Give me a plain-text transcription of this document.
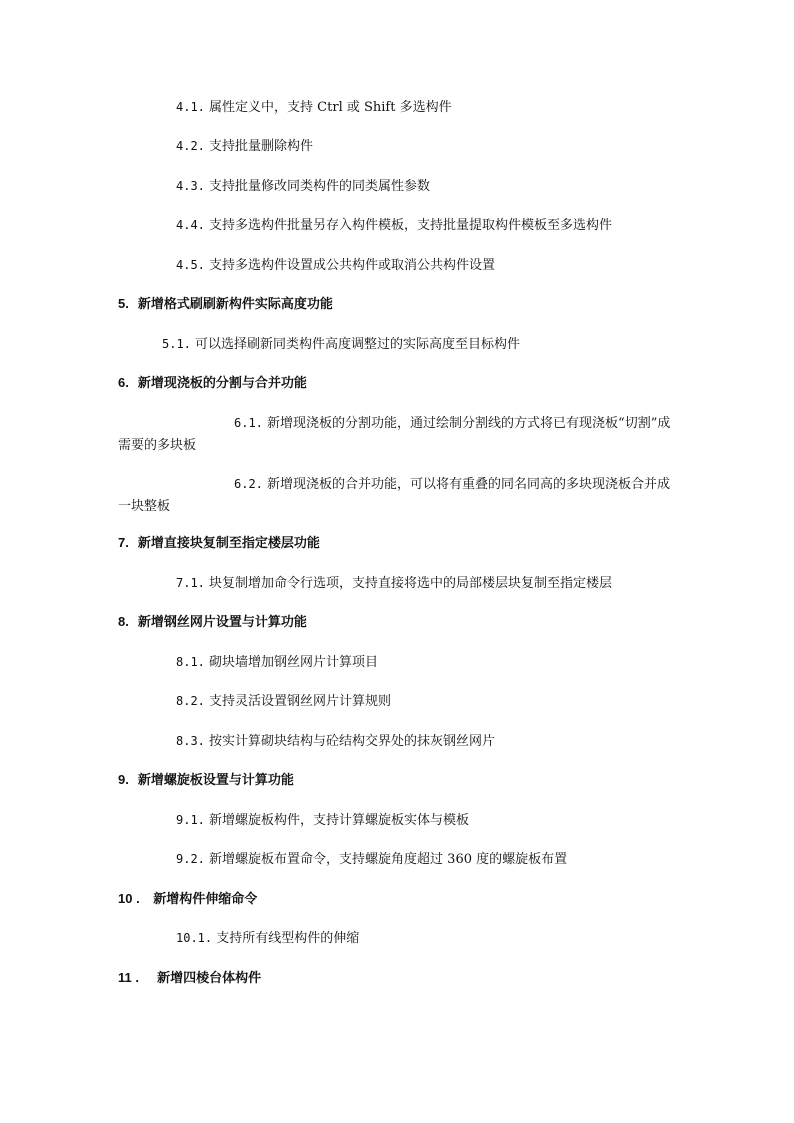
4.1. 属性定义中，支持 Ctrl 或 Shift 多选构件
4.2. 支持批量删除构件
4.3. 支持批量修改同类构件的同类属性参数
4.4. 支持多选构件批量另存入构件模板，支持批量提取构件模板至多选构件
4.5. 支持多选构件设置成公共构件或取消公共构件设置
5. 新增格式刷刷新构件实际高度功能
5.1. 可以选择刷新同类构件高度调整过的实际高度至目标构件
6. 新增现浇板的分割与合并功能
6.1. 新增现浇板的分割功能，通过绘制分割线的方式将已有现浇板“切割”成需要的多块板
6.2. 新增现浇板的合并功能，可以将有重叠的同名同高的多块现浇板合并成一块整板
7. 新增直接块复制至指定楼层功能
7.1. 块复制增加命令行选项，支持直接将选中的局部楼层块复制至指定楼层
8. 新增钢丝网片设置与计算功能
8.1. 砌块墙增加钢丝网片计算项目
8.2. 支持灵活设置钢丝网片计算规则
8.3. 按实计算砌块结构与砼结构交界处的抹灰钢丝网片
9. 新增螺旋板设置与计算功能
9.1. 新增螺旋板构件，支持计算螺旋板实体与模板
9.2. 新增螺旋板布置命令，支持螺旋角度超过 360 度的螺旋板布置
10 . 新增构件伸缩命令
10.1. 支持所有线型构件的伸缩
11 . 新增四棱台体构件
